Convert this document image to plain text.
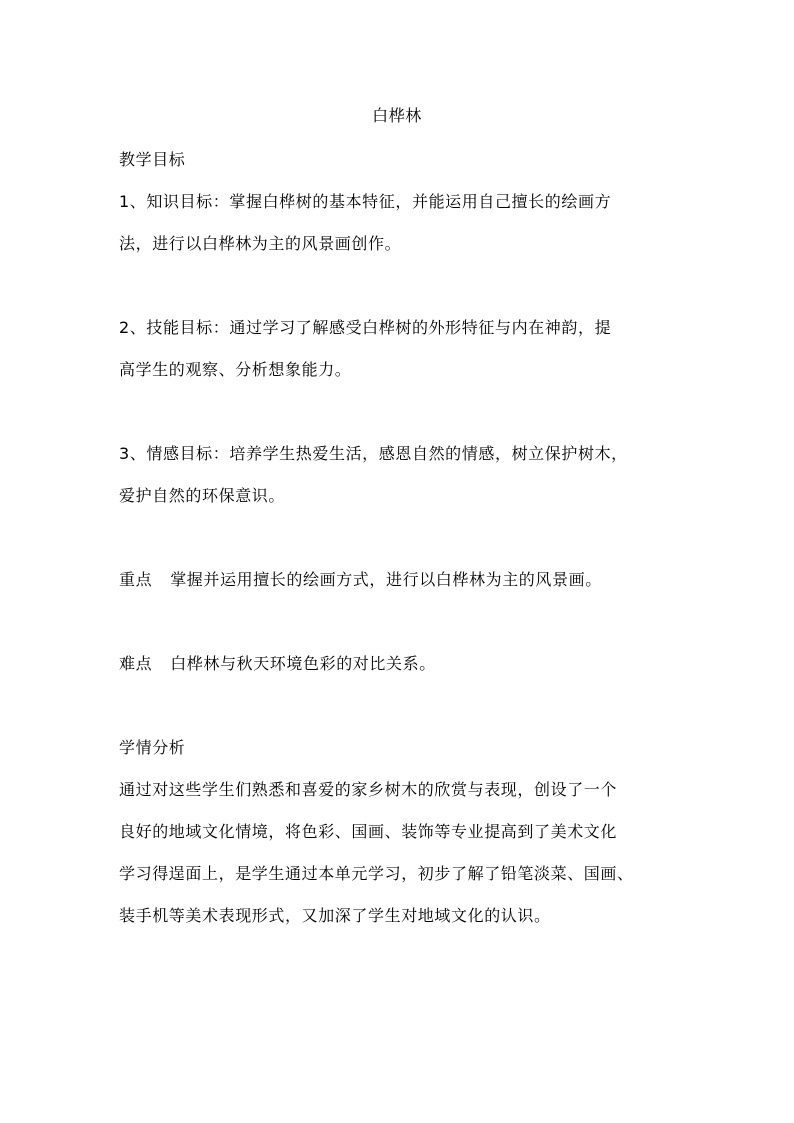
白桦林
教学目标
1、知识目标：掌握白桦树的基本特征，并能运用自己擅长的绘画方
法，进行以白桦林为主的风景画创作。
2、技能目标：通过学习了解感受白桦树的外形特征与内在神韵，提
高学生的观察、分析想象能力。
3、情感目标：培养学生热爱生活，感恩自然的情感，树立保护树木，
爱护自然的环保意识。
重点 掌握并运用擅长的绘画方式，进行以白桦林为主的风景画。
难点 白桦林与秋天环境色彩的对比关系。
学情分析
通过对这些学生们熟悉和喜爱的家乡树木的欣赏与表现，创设了一个
良好的地域文化情境，将色彩、国画、装饰等专业提高到了美术文化
学习得逞面上，是学生通过本单元学习，初步了解了铅笔淡菜、国画、
装手机等美术表现形式，又加深了学生对地域文化的认识。
